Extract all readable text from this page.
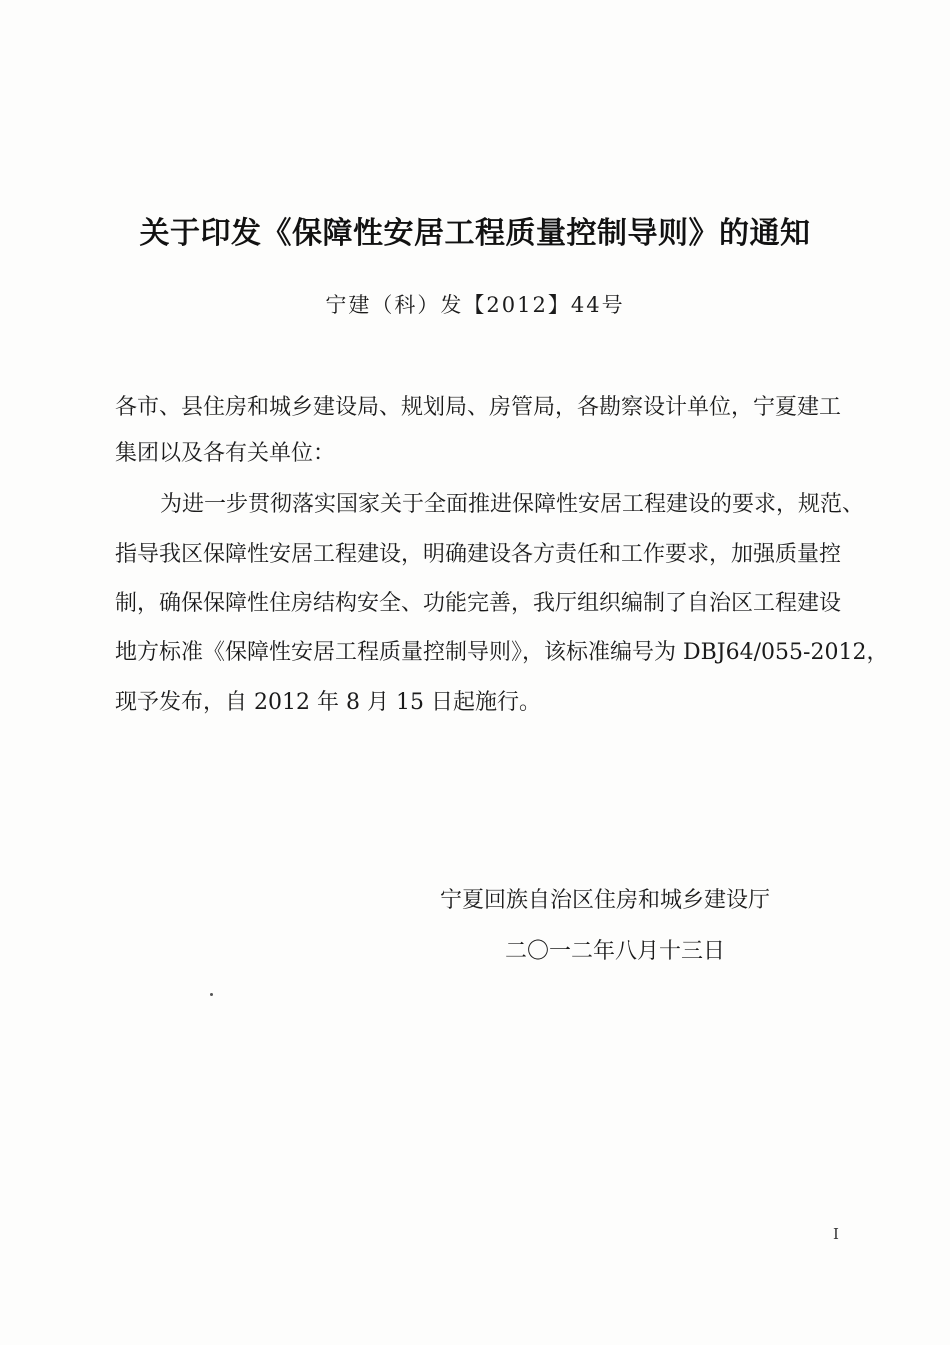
关于印发《保障性安居工程质量控制导则》的通知
宁建（科）发【2012】44号
各市、县住房和城乡建设局、规划局、房管局，各勘察设计单位，宁夏建工
集团以及各有关单位：
为进一步贯彻落实国家关于全面推进保障性安居工程建设的要求，规范、
指导我区保障性安居工程建设，明确建设各方责任和工作要求，加强质量控
制，确保保障性住房结构安全、功能完善，我厅组织编制了自治区工程建设
地方标准《保障性安居工程质量控制导则》，该标准编号为 DBJ64/055-2012，
现予发布，自 2012 年 8 月 15 日起施行。
宁夏回族自治区住房和城乡建设厅
二〇一二年八月十三日
I
